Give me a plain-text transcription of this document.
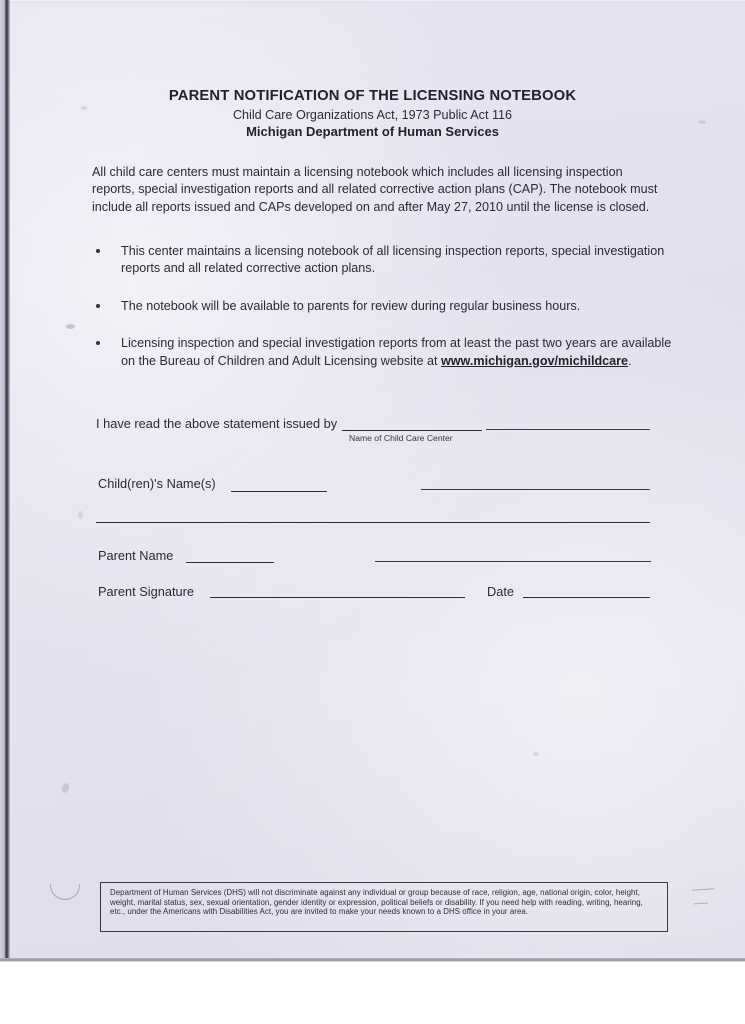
PARENT NOTIFICATION OF THE LICENSING NOTEBOOK
Child Care Organizations Act, 1973 Public Act 116
Michigan Department of Human Services
All child care centers must maintain a licensing notebook which includes all licensing inspection reports, special investigation reports and all related corrective action plans (CAP). The notebook must include all reports issued and CAPs developed on and after May 27, 2010 until the license is closed.
This center maintains a licensing notebook of all licensing inspection reports, special investigation reports and all related corrective action plans.
The notebook will be available to parents for review during regular business hours.
Licensing inspection and special investigation reports from at least the past two years are available on the Bureau of Children and Adult Licensing website at www.michigan.gov/michildcare.
I have read the above statement issued by
Name of Child Care Center
Child(ren)'s Name(s)
Parent Name
Parent Signature	Date
Department of Human Services (DHS) will not discriminate against any individual or group because of race, religion, age, national origin, color, height, weight, marital status, sex, sexual orientation, gender identity or expression, political beliefs or disability. If you need help with reading, writing, hearing, etc., under the Americans with Disabilities Act, you are invited to make your needs known to a DHS office in your area.
